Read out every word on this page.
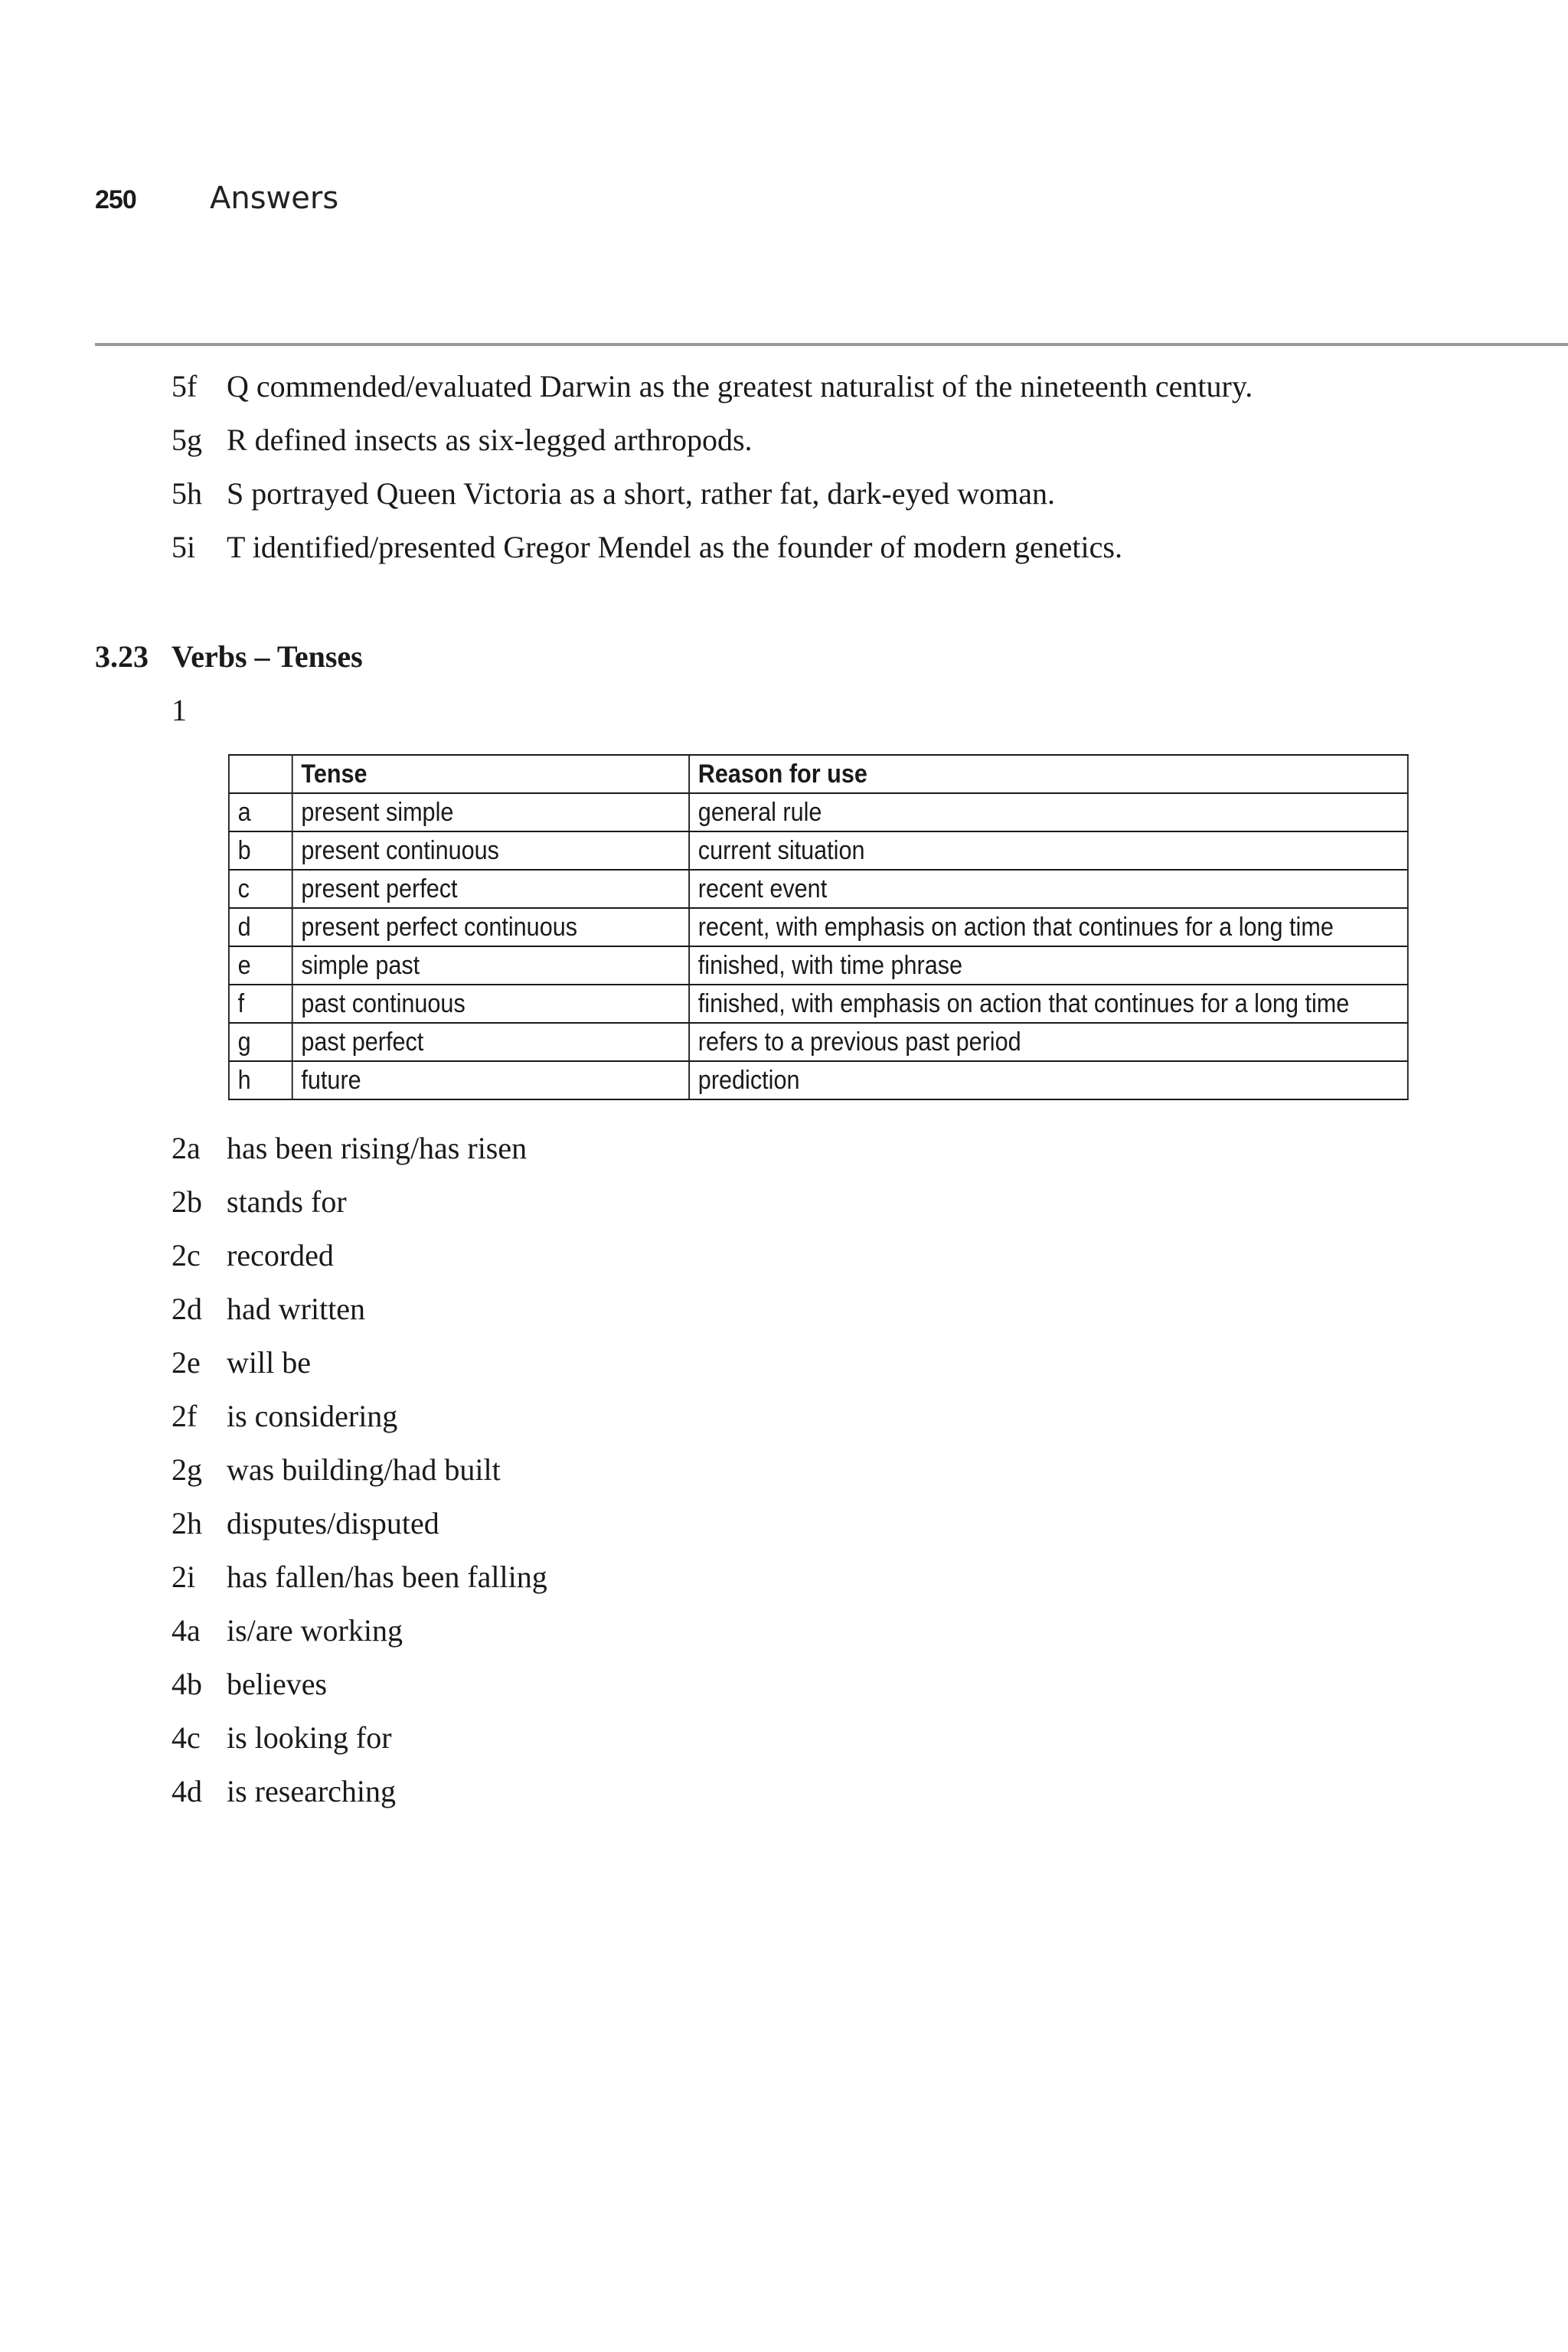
250	Answers
5f Q commended/evaluated Darwin as the greatest naturalist of the nineteenth century.
5g R defined insects as six-legged arthropods.
5h S portrayed Queen Victoria as a short, rather fat, dark-eyed woman.
5i	T identified/presented Gregor Mendel as the founder of modern genetics.
3.23 Verbs – Tenses
1
	Tense	Reason for use
a	present simple	general rule
b	present continuous	current situation
c	present perfect	recent event
d	present perfect continuous	recent, with emphasis on action that continues for a long time
e	simple past	finished, with time phrase
f	past continuous	finished, with emphasis on action that continues for a long time
g	past perfect	refers to a previous past period
h	future	prediction
2a has been rising/has risen
2b stands for
2c recorded
2d had written
2e will be
2f is considering
2g was building/had built
2h disputes/disputed
2i	has fallen/has been falling
4a is/are working
4b believes
4c is looking for
4d is researching
